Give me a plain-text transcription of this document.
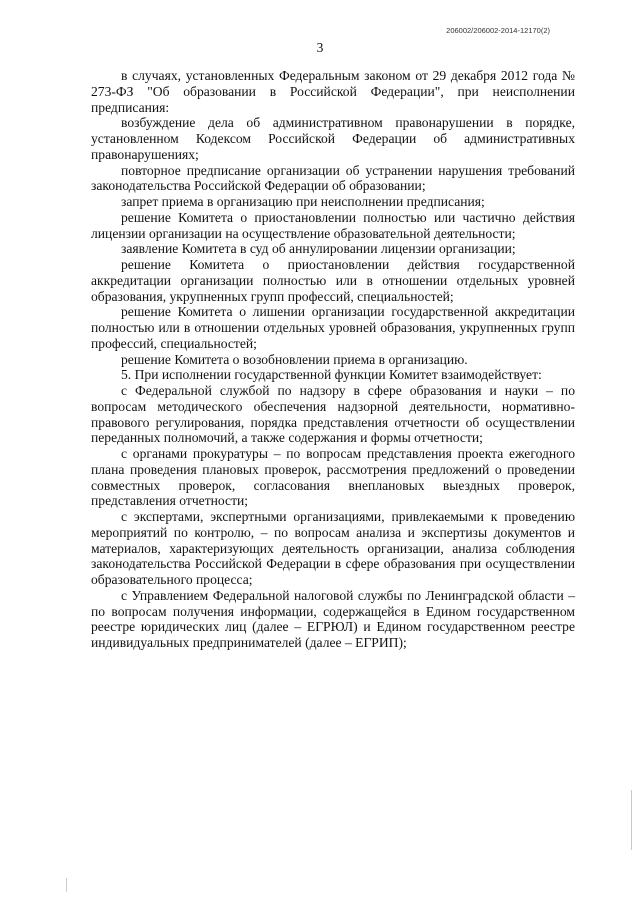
206002/206002-2014-12170(2)
3

в случаях, установленных Федеральным законом от 29 декабря 2012 года № 273-ФЗ "Об образовании в Российской Федерации", при неисполнении предписания:

возбуждение дела об административном правонарушении в порядке, установленном Кодексом Российской Федерации об административных правонарушениях;

повторное предписание организации об устранении нарушения требований законодательства Российской Федерации об образовании;

запрет приема в организацию при неисполнении предписания;

решение Комитета о приостановлении полностью или частично действия лицензии организации на осуществление образовательной деятельности;

заявление Комитета в суд об аннулировании лицензии организации;

решение Комитета о приостановлении действия государственной аккредитации организации полностью или в отношении отдельных уровней образования, укрупненных групп профессий, специальностей;

решение Комитета о лишении организации государственной аккредитации полностью или в отношении отдельных уровней образования, укрупненных групп профессий, специальностей;

решение Комитета о возобновлении приема в организацию.

5. При исполнении государственной функции Комитет взаимодействует:

с Федеральной службой по надзору в сфере образования и науки – по вопросам методического обеспечения надзорной деятельности, нормативно-правового регулирования, порядка представления отчетности об осуществлении переданных полномочий, а также содержания и формы отчетности;

с органами прокуратуры – по вопросам представления проекта ежегодного плана проведения плановых проверок, рассмотрения предложений о проведении совместных проверок, согласования внеплановых выездных проверок, представления отчетности;

с экспертами, экспертными организациями, привлекаемыми к проведению мероприятий по контролю, – по вопросам анализа и экспертизы документов и материалов, характеризующих деятельность организации, анализа соблюдения законодательства Российской Федерации в сфере образования при осуществлении образовательного процесса;

с Управлением Федеральной налоговой службы по Ленинградской области – по вопросам получения информации, содержащейся в Едином государственном реестре юридических лиц (далее – ЕГРЮЛ) и Едином государственном реестре индивидуальных предпринимателей (далее – ЕГРИП);
